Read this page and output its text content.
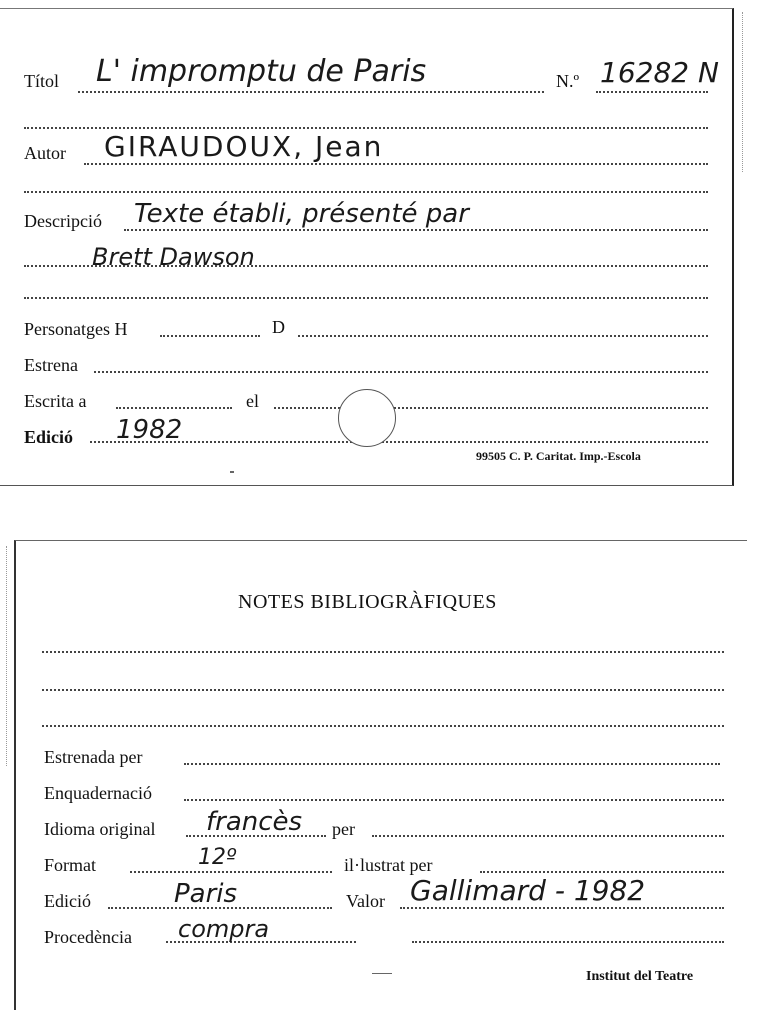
Títol L' impromptu de Paris	N.º 16282 N
Autor GIRAUDOUX, Jean
Descripció Texte établi, présenté par
Brett Dawson
Personatges H	D
Estrena
Escrita a	el
Edició 1982
99505 C. P. Caritat. Imp.-Escola
NOTES BIBLIOGRÀFIQUES
Estrenada per
Enquadernació
Idioma original francès per
Format	12º	il·lustrat per
Edició	Paris	Valor Gallimard - 1982
Procedència compra
Institut del Teatre
